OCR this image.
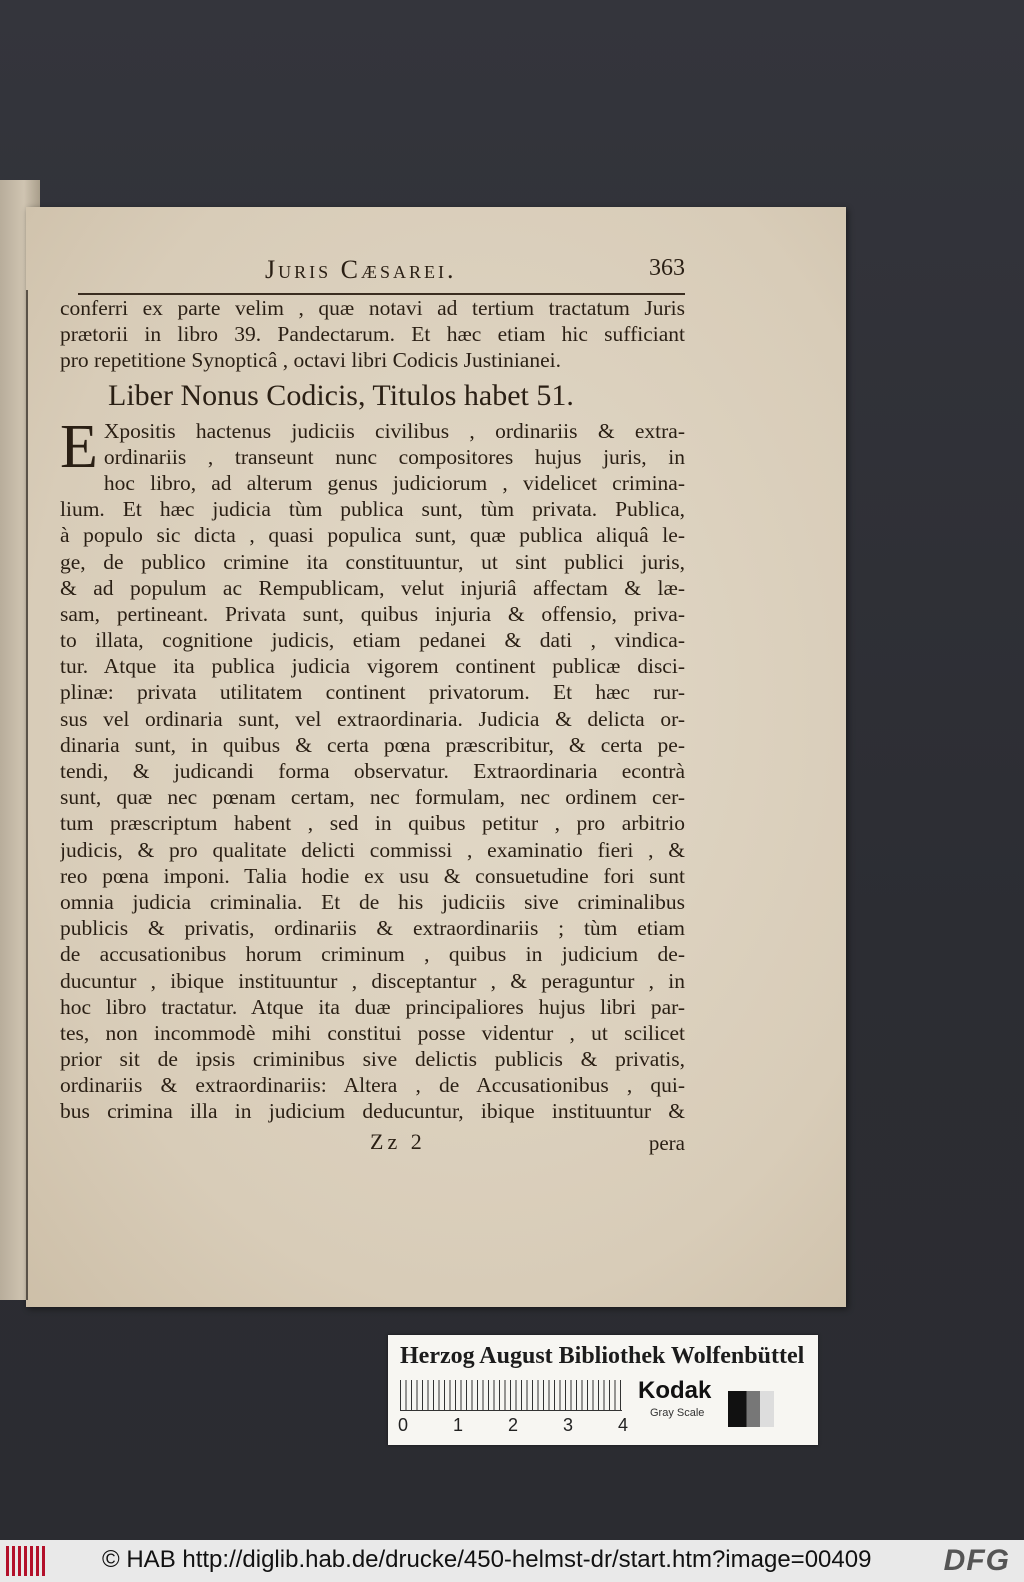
Juris Cæsarei.	363
conferri ex parte velim , quæ notavi ad tertium tractatum Juris
prætorii in libro 39. Pandectarum. Et hæc etiam hic sufficiant
pro repetitione Synopticâ , octavi libri Codicis Justinianei.
Liber Nonus Codicis, Titulos habet 51.
E Xpositis hactenus judiciis civilibus , ordinariis & extra-
ordinariis , transeunt nunc compositores hujus juris, in
hoc libro, ad alterum genus judiciorum , videlicet crimina-
lium. Et hæc judicia tùm publica sunt, tùm privata. Publica,
à populo sic dicta , quasi populica sunt, quæ publica aliquâ le-
ge, de publico crimine ita constituuntur, ut sint publici juris,
& ad populum ac Rempublicam, velut injuriâ affectam & læ-
sam, pertineant. Privata sunt, quibus injuria & offensio, priva-
to illata, cognitione judicis, etiam pedanei & dati , vindica-
tur. Atque ita publica judicia vigorem continent publicæ disci-
plinæ: privata utilitatem continent privatorum. Et hæc rur-
sus vel ordinaria sunt, vel extraordinaria. Judicia & delicta or-
dinaria sunt, in quibus & certa pœna præscribitur, & certa pe-
tendi, & judicandi forma observatur. Extraordinaria econtrà
sunt, quæ nec pœnam certam, nec formulam, nec ordinem cer-
tum præscriptum habent , sed in quibus petitur , pro arbitrio
judicis, & pro qualitate delicti commissi , examinatio fieri , &
reo pœna imponi. Talia hodie ex usu & consuetudine fori sunt
omnia judicia criminalia. Et de his judiciis sive criminalibus
publicis & privatis, ordinariis & extraordinariis ; tùm etiam
de accusationibus horum criminum , quibus in judicium de-
ducuntur , ibique instituuntur , disceptantur , & peraguntur , in
hoc libro tractatur. Atque ita duæ principaliores hujus libri par-
tes, non incommodè mihi constitui posse videntur , ut scilicet
prior sit de ipsis criminibus sive delictis publicis & privatis,
ordinariis & extraordinariis: Altera , de Accusationibus , qui-
bus crimina illa in judicium deducuntur, ibique instituuntur &
Zz 2	pera
Herzog August Bibliothek Wolfenbüttel
0 1 2 3 4
Kodak
Gray Scale
© HAB http://diglib.hab.de/drucke/450-helmst-dr/start.htm?image=00409 DFG
